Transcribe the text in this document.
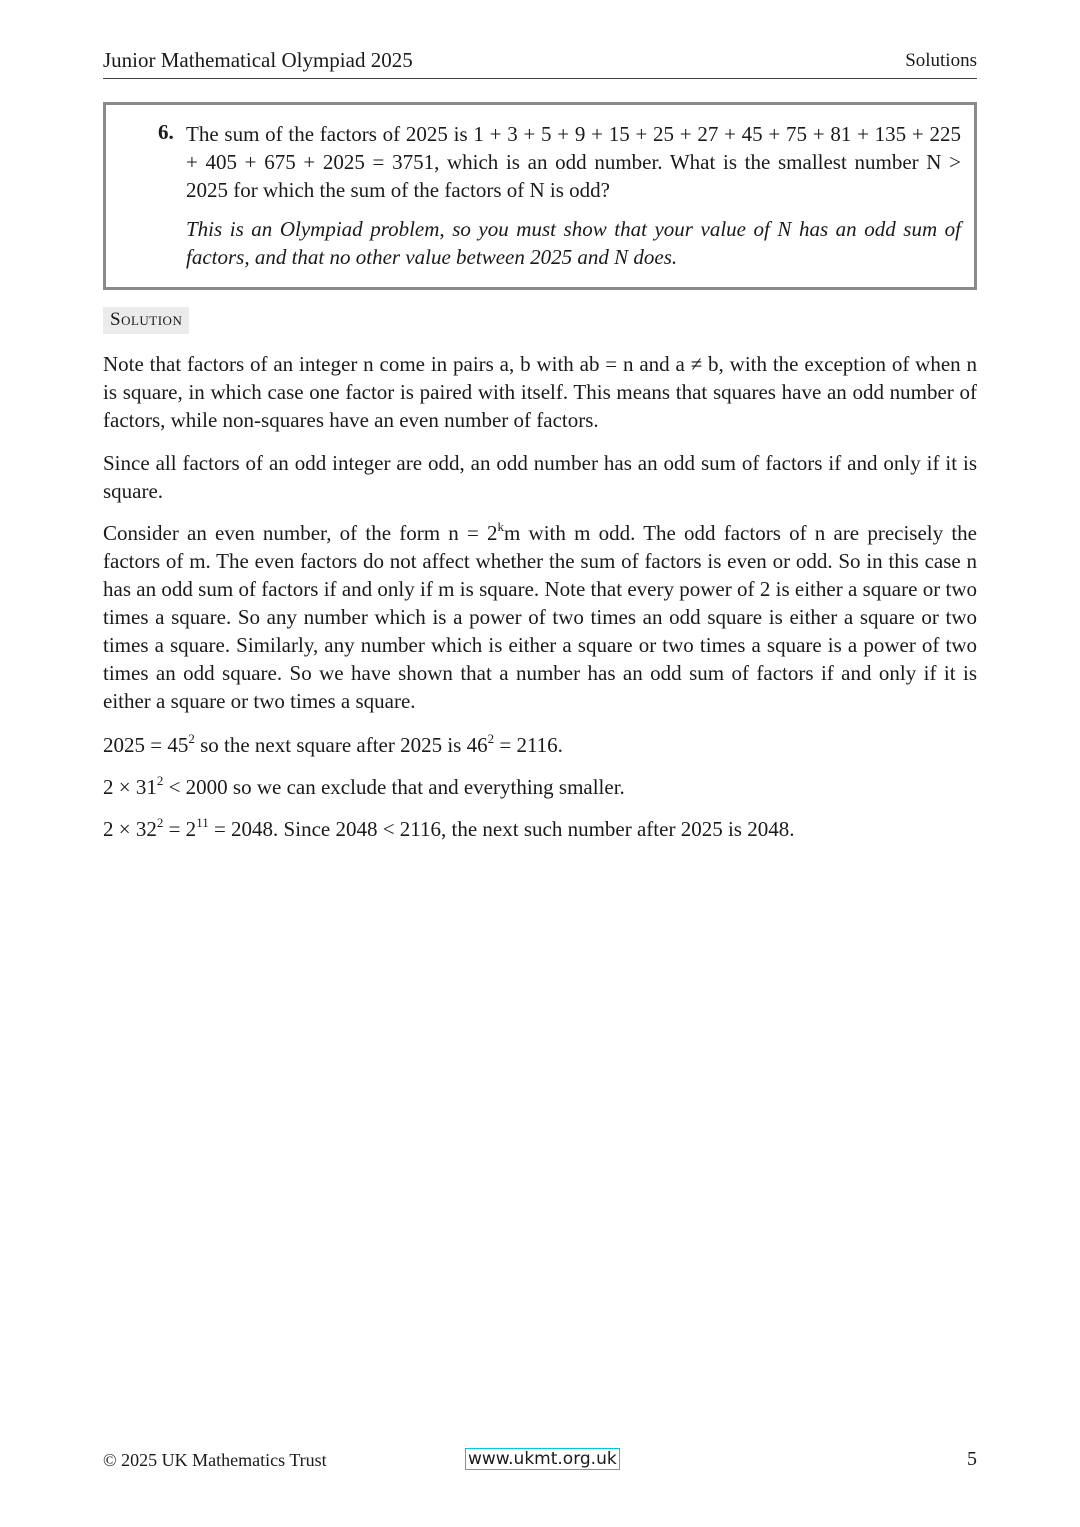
Junior Mathematical Olympiad 2025	Solutions
6. The sum of the factors of 2025 is 1 + 3 + 5 + 9 + 15 + 25 + 27 + 45 + 75 + 81 + 135 + 225 + 405 + 675 + 2025 = 3751, which is an odd number. What is the smallest number N > 2025 for which the sum of the factors of N is odd?
This is an Olympiad problem, so you must show that your value of N has an odd sum of factors, and that no other value between 2025 and N does.
Solution

Note that factors of an integer n come in pairs a, b with ab = n and a ≠ b, with the exception of when n is square, in which case one factor is paired with itself. This means that squares have an odd number of factors, while non-squares have an even number of factors.

Since all factors of an odd integer are odd, an odd number has an odd sum of factors if and only if it is square.

Consider an even number, of the form $n = 2^km$ with m odd. The odd factors of n are precisely the factors of m. The even factors do not affect whether the sum of factors is even or odd. So in this case n has an odd sum of factors if and only if m is square. Note that every power of 2 is either a square or two times a square. So any number which is a power of two times an odd square is either a square or two times a square. Similarly, any number which is either a square or two times a square is a power of two times an odd square. So we have shown that a number has an odd sum of factors if and only if it is either a square or two times a square.

$2025 = 45^2$ so the next square after 2025 is $46^2 = 2116$.
$2 \times 31^2 < 2000$ so we can exclude that and everything smaller.
$2 \times 32^2 = 2^{11} = 2048$. Since 2048 < 2116, the next such number after 2025 is 2048.
© 2025 UK Mathematics Trust	www.ukmt.org.uk	5
